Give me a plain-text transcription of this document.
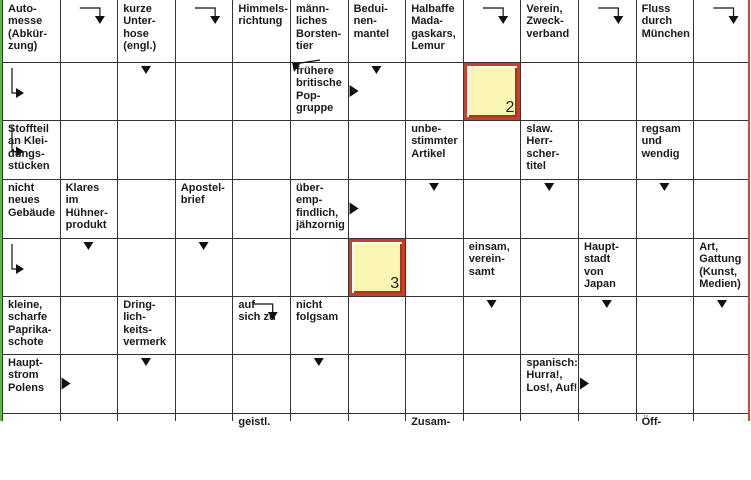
Auto-
messe
(Abkür-
zung)
kurze
Unter-
hose
(engl.)
Himmels-
richtung
männ-
liches
Borsten-
tier
Bedui-
nen-
mantel
Halbaffe
Mada-
gaskars,
Lemur
Verein,
Zweck-
verband
Fluss
durch
München
frühere
britische
Pop-
gruppe
Stoffteil
an Klei-
dungs-
stücken
unbe-
stimmter
Artikel
slaw.
Herr-
scher-
titel
regsam
und
wendig
nicht
neues
Gebäude
Klares
im
Hühner-
produkt
Apostel-
brief
über-
emp-
findlich,
jähzornig
einsam,
verein-
samt
Haupt-
stadt
von
Japan
Art,
Gattung
(Kunst,
Medien)
kleine,
scharfe
Paprika-
schote
Dring-
lich-
keits-
vermerk
auf
sich zu
nicht
folgsam
Haupt-
strom
Polens
spanisch:
Hurra!,
Los!, Auf!
geistl.	Zusam-	Öff-
2
3
